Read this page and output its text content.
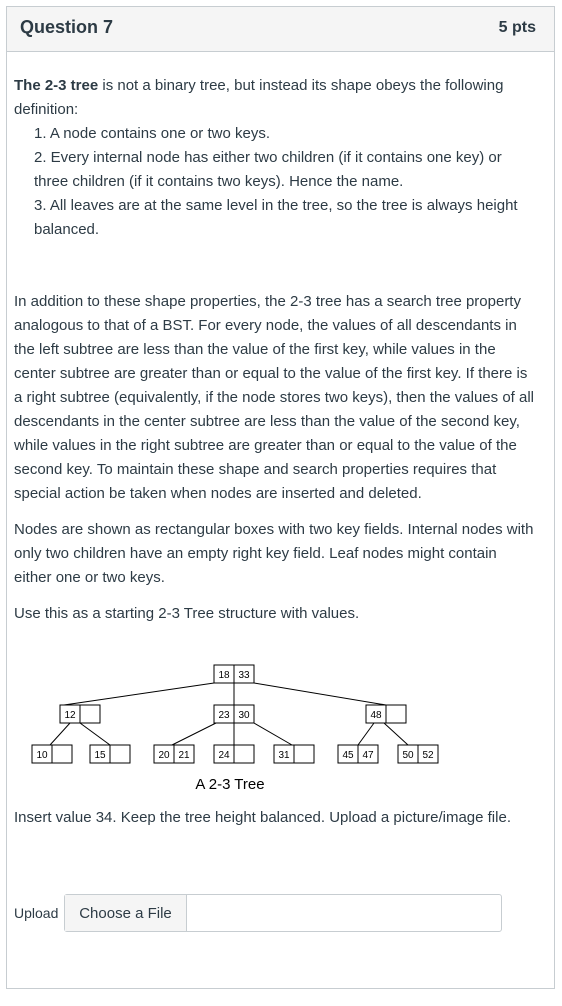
Question 7	5 pts

The 2-3 tree is not a binary tree, but instead its shape obeys the following definition:

1. A node contains one or two keys.

2. Every internal node has either two children (if it contains one key) or three children (if it contains two keys). Hence the name.

3. All leaves are at the same level in the tree, so the tree is always height balanced.

In addition to these shape properties, the 2-3 tree has a search tree property analogous to that of a BST. For every node, the values of all descendants in the left subtree are less than the value of the first key, while values in the center subtree are greater than or equal to the value of the first key. If there is a right subtree (equivalently, if the node stores two keys), then the values of all descendants in the center subtree are less than the value of the second key, while values in the right subtree are greater than or equal to the value of the second key. To maintain these shape and search properties requires that special action be taken when nodes are inserted and deleted.

Nodes are shown as rectangular boxes with two key fields. Internal nodes with only two children have an empty right key field. Leaf nodes might contain either one or two keys.

Use this as a starting 2-3 Tree structure with values.

18 33
12	23 30	48
10	15	20 21	24	31	45 47	50 52
A 2-3 Tree
Insert value 34. Keep the tree height balanced. Upload a picture/image file.
Upload	Choose a File
